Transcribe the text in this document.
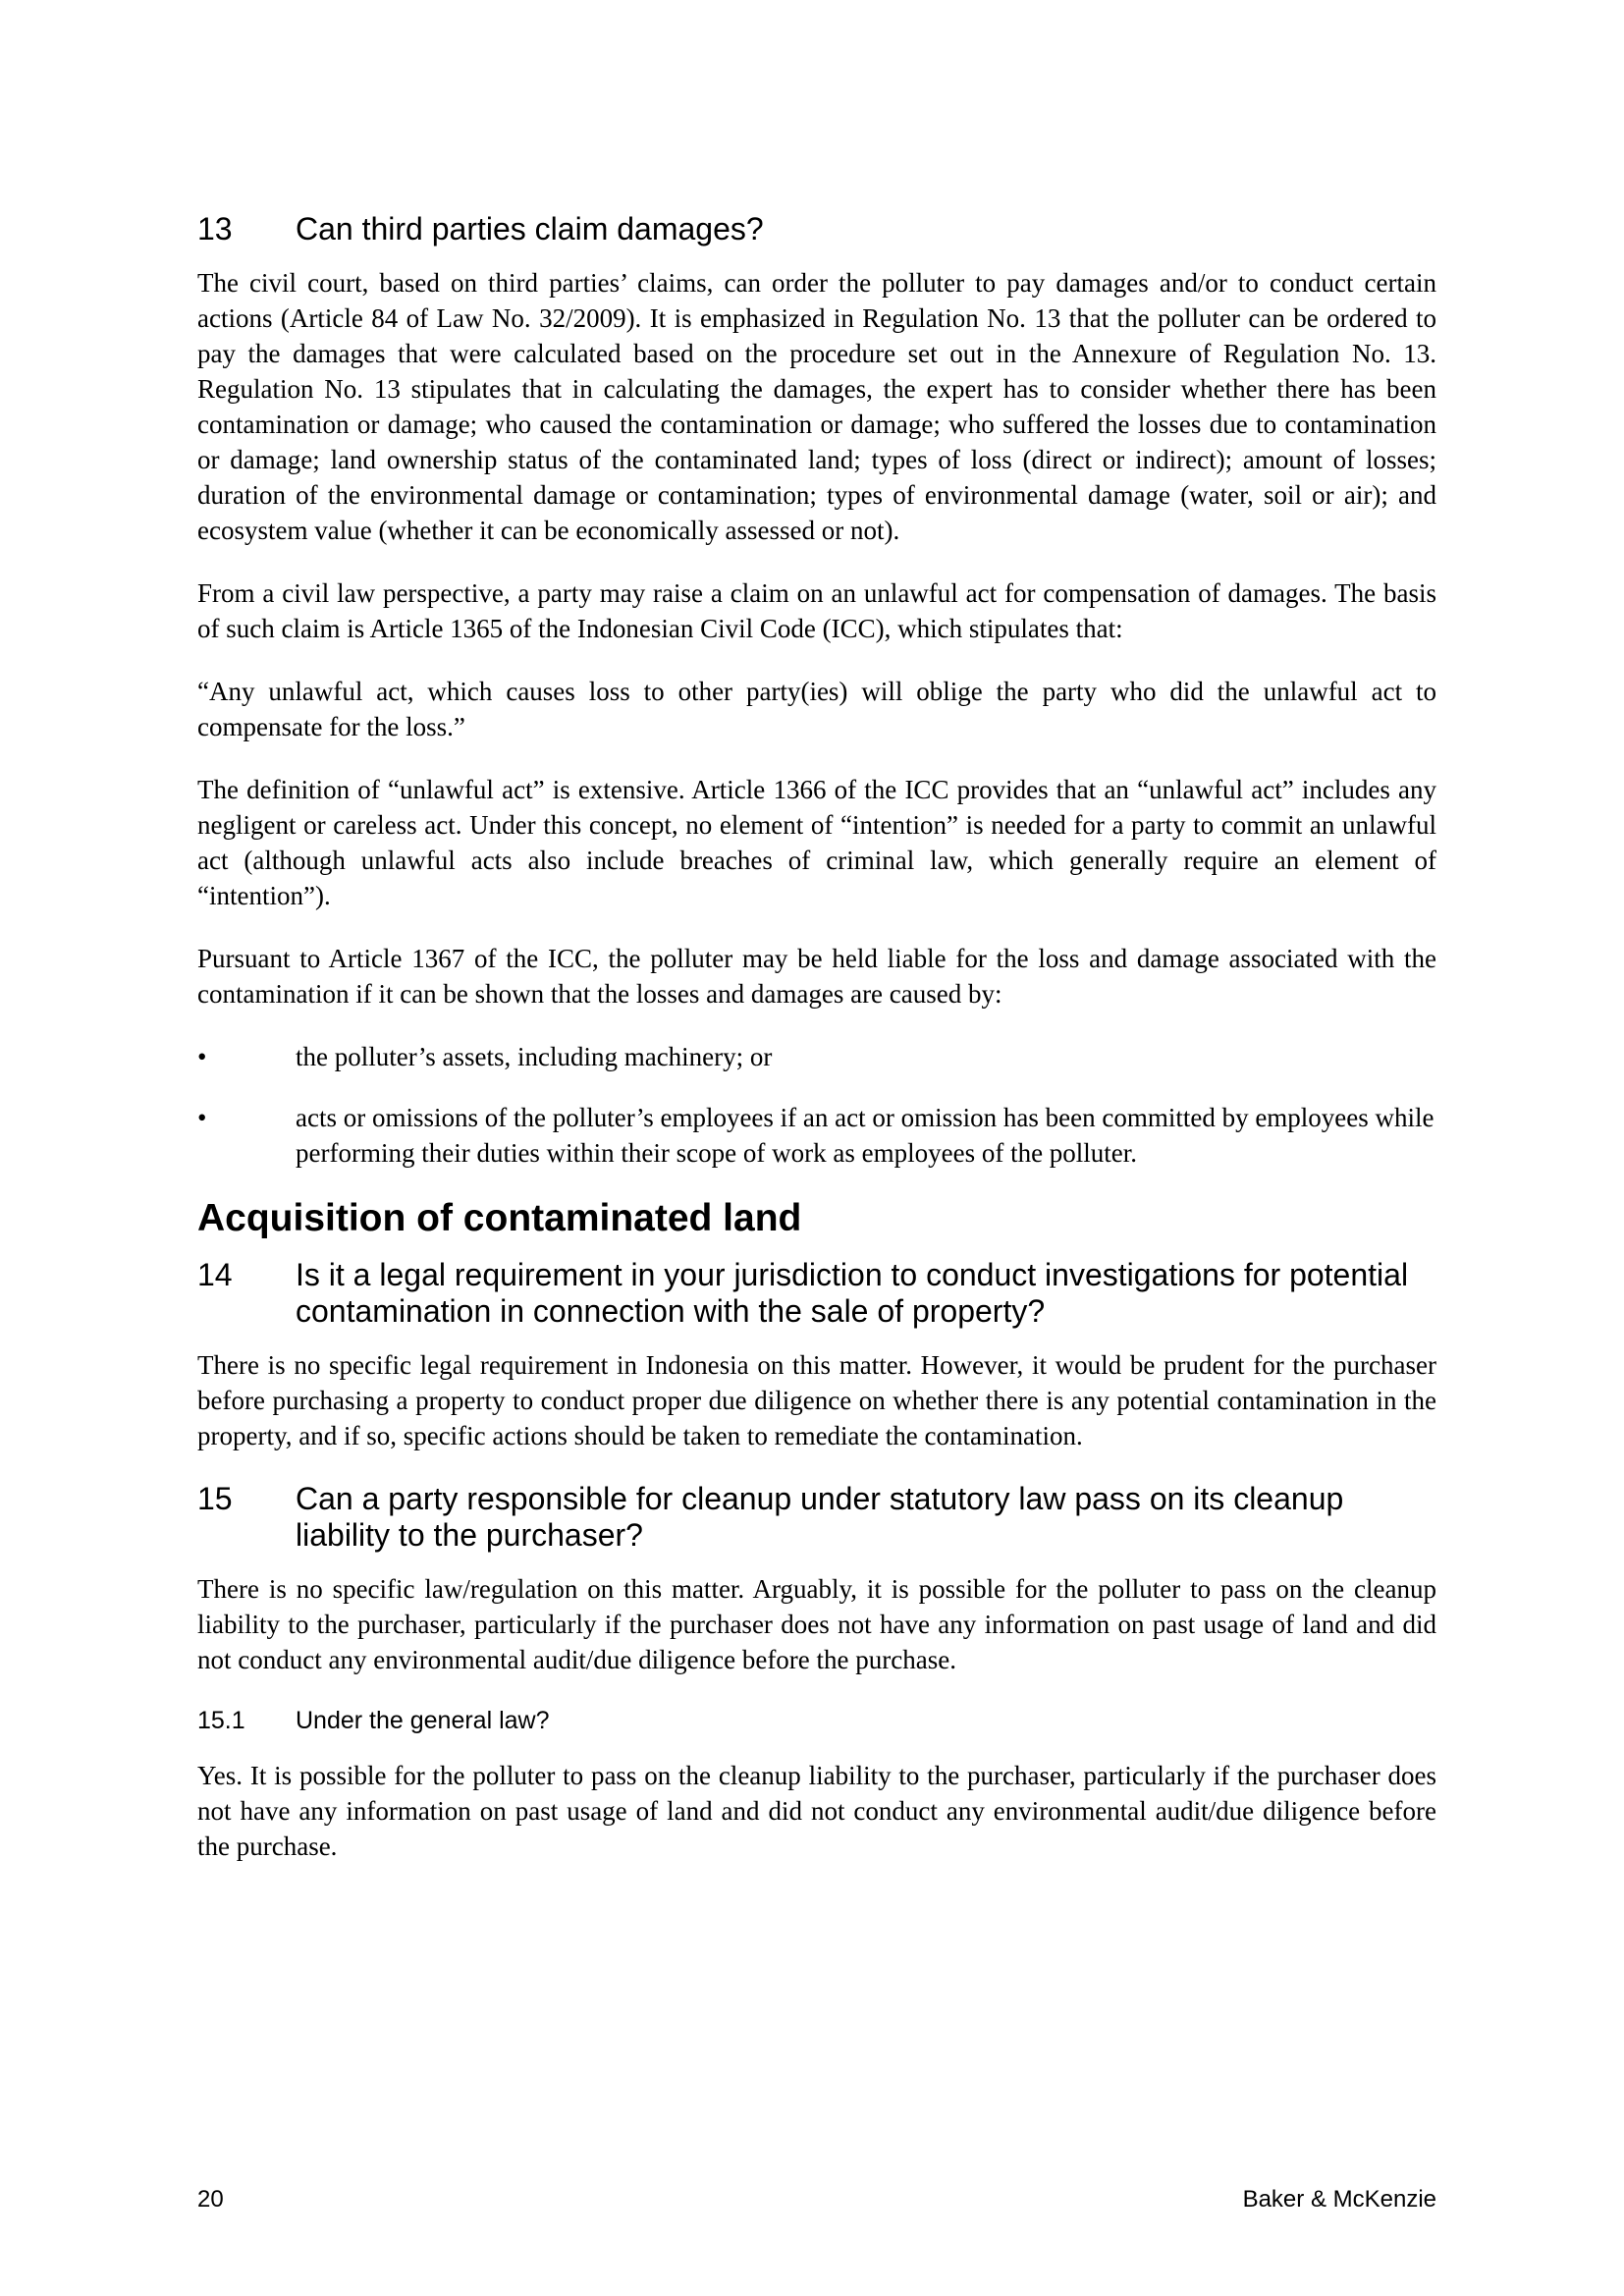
13	Can third parties claim damages?

The civil court, based on third parties’ claims, can order the polluter to pay damages and/or to conduct certain actions (Article 84 of Law No. 32/2009). It is emphasized in Regulation No. 13 that the polluter can be ordered to pay the damages that were calculated based on the procedure set out in the Annexure of Regulation No. 13. Regulation No. 13 stipulates that in calculating the damages, the expert has to consider whether there has been contamination or damage; who caused the contamination or damage; who suffered the losses due to contamination or damage; land ownership status of the contaminated land; types of loss (direct or indirect); amount of losses; duration of the environmental damage or contamination; types of environmental damage (water, soil or air); and ecosystem value (whether it can be economically assessed or not).

From a civil law perspective, a party may raise a claim on an unlawful act for compensation of damages. The basis of such claim is Article 1365 of the Indonesian Civil Code (ICC), which stipulates that:

“Any unlawful act, which causes loss to other party(ies) will oblige the party who did the unlawful act to compensate for the loss.”

The definition of “unlawful act” is extensive. Article 1366 of the ICC provides that an “unlawful act” includes any negligent or careless act. Under this concept, no element of “intention” is needed for a party to commit an unlawful act (although unlawful acts also include breaches of criminal law, which generally require an element of “intention”).

Pursuant to Article 1367 of the ICC, the polluter may be held liable for the loss and damage associated with the contamination if it can be shown that the losses and damages are caused by:

•	the polluter’s assets, including machinery; or
•	acts or omissions of the polluter’s employees if an act or omission has been committed by employees while performing their duties within their scope of work as employees of the polluter.
Acquisition of contaminated land
14	Is it a legal requirement in your jurisdiction to conduct investigations for potential contamination in connection with the sale of property?

There is no specific legal requirement in Indonesia on this matter. However, it would be prudent for the purchaser before purchasing a property to conduct proper due diligence on whether there is any potential contamination in the property, and if so, specific actions should be taken to remediate the contamination.

15	Can a party responsible for cleanup under statutory law pass on its cleanup liability to the purchaser?

There is no specific law/regulation on this matter. Arguably, it is possible for the polluter to pass on the cleanup liability to the purchaser, particularly if the purchaser does not have any information on past usage of land and did not conduct any environmental audit/due diligence before the purchase.

15.1	Under the general law?

Yes. It is possible for the polluter to pass on the cleanup liability to the purchaser, particularly if the purchaser does not have any information on past usage of land and did not conduct any environmental audit/due diligence before the purchase.

20	Baker & McKenzie
